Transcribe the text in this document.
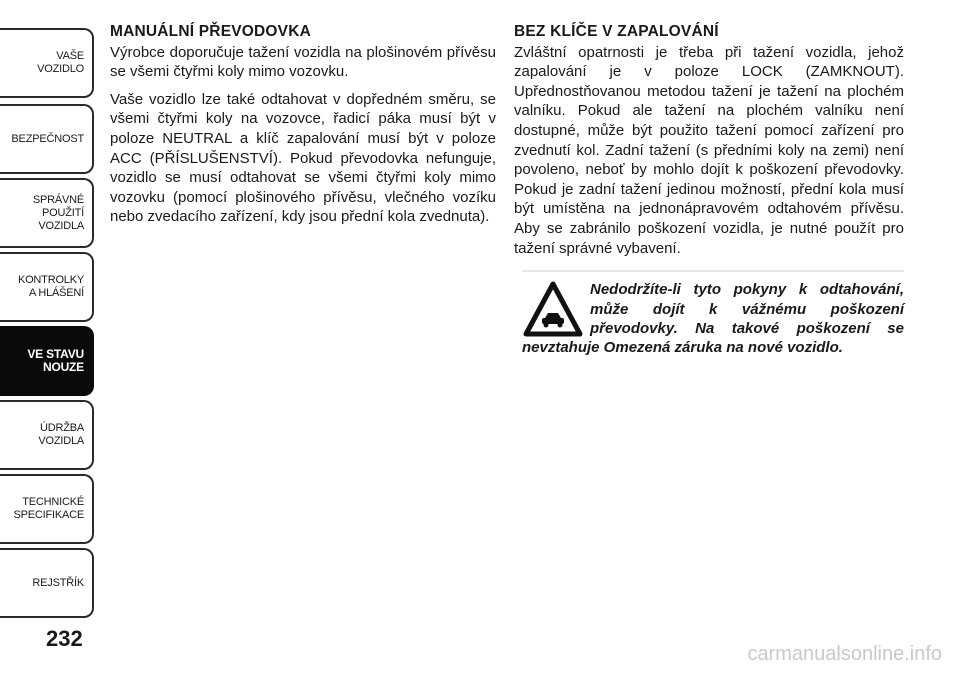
VAŠE
VOZIDLO
BEZPEČNOST
SPRÁVNÉ
POUŽITÍ
VOZIDLA
KONTROLKY
A HLÁŠENÍ
VE STAVU
NOUZE
ÚDRŽBA
VOZIDLA
TECHNICKÉ
SPECIFIKACE
REJSTŘÍK
232
MANUÁLNÍ PŘEVODOVKA

Výrobce doporučuje tažení vozidla na plošinovém přívěsu se všemi čtyřmi koly mimo vozovku.

Vaše vozidlo lze také odtahovat v dopředném směru, se všemi čtyřmi koly na vozovce, řadicí páka musí být v poloze NEUTRAL a klíč zapalování musí být v poloze ACC (PŘÍSLUŠENSTVÍ). Pokud převodovka nefunguje, vozidlo se musí odtahovat se všemi čtyřmi koly mimo vozovku (pomocí plošinového přívěsu, vlečného vozíku nebo zvedacího zařízení, kdy jsou přední kola zvednuta).

BEZ KLÍČE V ZAPALOVÁNÍ

Zvláštní opatrnosti je třeba při tažení vozidla, jehož zapalování je v poloze LOCK (ZAMKNOUT). Upřednostňovanou metodou tažení je tažení na plochém valníku. Pokud ale tažení na plochém valníku není dostupné, může být použito tažení pomocí zařízení pro zvednutí kol. Zadní tažení (s předními koly na zemi) není povoleno, neboť by mohlo dojít k poškození převodovky. Pokud je zadní tažení jedinou možností, přední kola musí být umístěna na jednonápravovém odtahovém přívěsu. Aby se zabránilo poškození vozidla, je nutné použít pro tažení správné vybavení.

Nedodržíte-li tyto pokyny k odtahování, může dojít k vážnému poškození převodovky. Na takové poškození se nevztahuje Omezená záruka na nové vozidlo.
carmanualsonline.info
